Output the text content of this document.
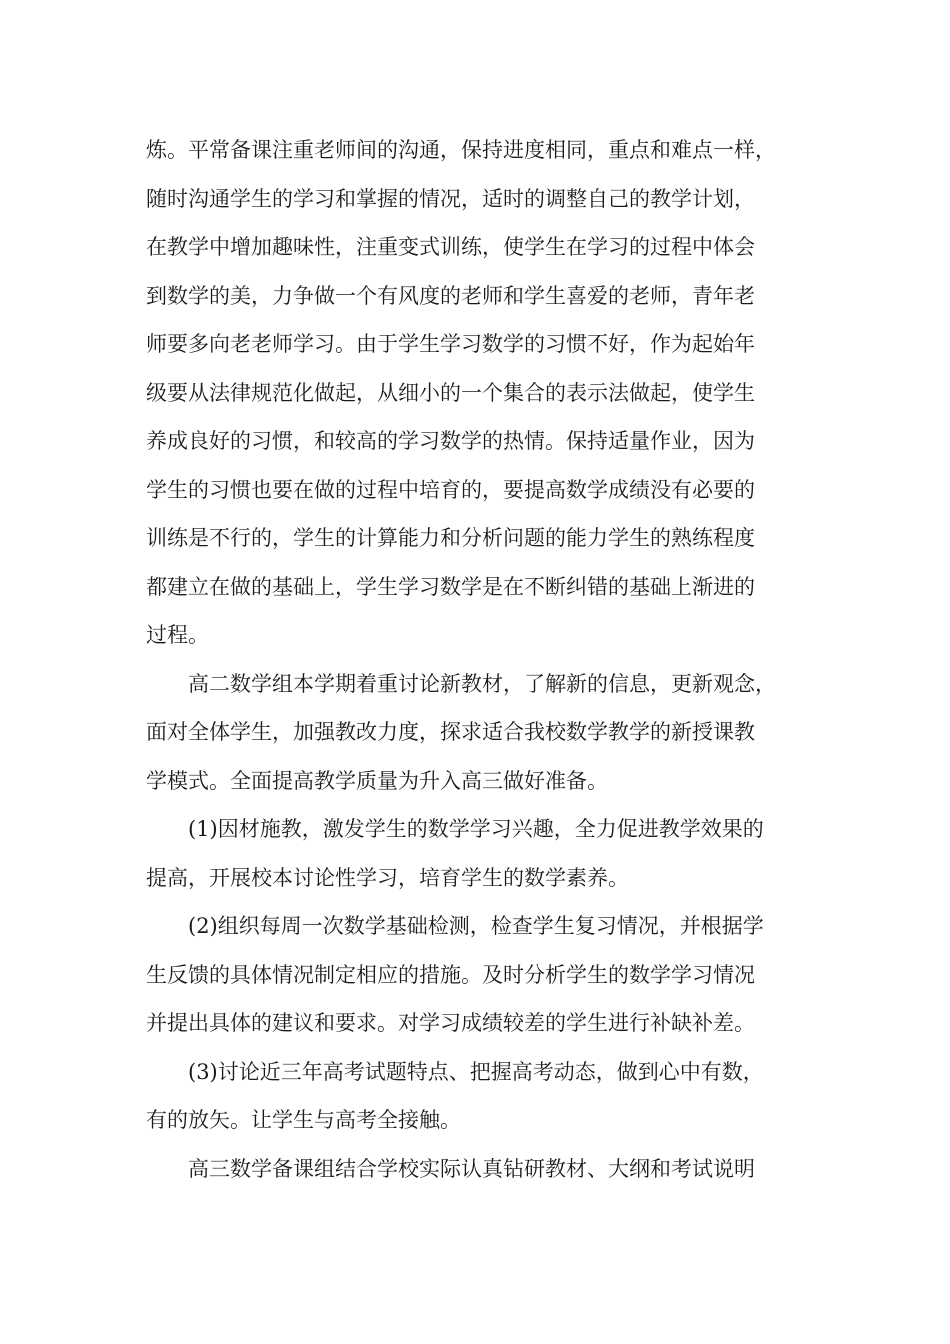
炼。平常备课注重老师间的沟通，保持进度相同，重点和难点一样，
随时沟通学生的学习和掌握的情况，适时的调整自己的教学计划，
在教学中增加趣味性，注重变式训练，使学生在学习的过程中体会
到数学的美，力争做一个有风度的老师和学生喜爱的老师，青年老
师要多向老老师学习。由于学生学习数学的习惯不好，作为起始年
级要从法律规范化做起，从细小的一个集合的表示法做起，使学生
养成良好的习惯，和较高的学习数学的热情。保持适量作业，因为
学生的习惯也要在做的过程中培育的，要提高数学成绩没有必要的
训练是不行的，学生的计算能力和分析问题的能力学生的熟练程度
都建立在做的基础上，学生学习数学是在不断纠错的基础上渐进的
过程。
高二数学组本学期着重讨论新教材，了解新的信息，更新观念，
面对全体学生，加强教改力度，探求适合我校数学教学的新授课教
学模式。全面提高教学质量为升入高三做好准备。
(1)因材施教，激发学生的数学学习兴趣，全力促进教学效果的
提高，开展校本讨论性学习，培育学生的数学素养。
(2)组织每周一次数学基础检测，检查学生复习情况，并根据学
生反馈的具体情况制定相应的措施。及时分析学生的数学学习情况
并提出具体的建议和要求。对学习成绩较差的学生进行补缺补差。
(3)讨论近三年高考试题特点、把握高考动态，做到心中有数，
有的放矢。让学生与高考全接触。
高三数学备课组结合学校实际认真钻研教材、大纲和考试说明
